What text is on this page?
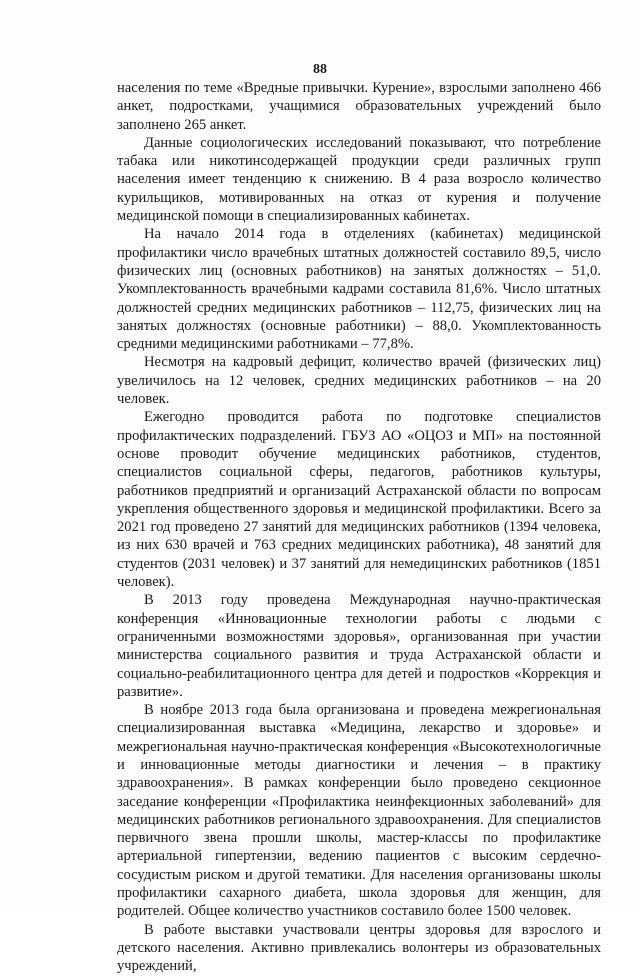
88

населения по теме «Вредные привычки. Курение», взрослыми заполнено 466 анкет, подростками, учащимися образовательных учреждений было заполнено 265 анкет.

Данные социологических исследований показывают, что потребление табака или никотинсодержащей продукции среди различных групп населения имеет тенденцию к снижению. В 4 раза возросло количество курильщиков, мотивированных на отказ от курения и получение медицинской помощи в специализированных кабинетах.

На начало 2014 года в отделениях (кабинетах) медицинской профилактики число врачебных штатных должностей составило 89,5, число физических лиц (основных работников) на занятых должностях – 51,0. Укомплектованность врачебными кадрами составила 81,6%. Число штатных должностей средних медицинских работников – 112,75, физических лиц на занятых должностях (основные работники) – 88,0. Укомплектованность средними медицинскими работниками – 77,8%.

Несмотря на кадровый дефицит, количество врачей (физических лиц) увеличилось на 12 человек, средних медицинских работников – на 20 человек.

Ежегодно проводится работа по подготовке специалистов профилактических подразделений. ГБУЗ АО «ОЦОЗ и МП» на постоянной основе проводит обучение медицинских работников, студентов, специалистов социальной сферы, педагогов, работников культуры, работников предприятий и организаций Астраханской области по вопросам укрепления общественного здоровья и медицинской профилактики. Всего за 2021 год проведено 27 занятий для медицинских работников (1394 человека, из них 630 врачей и 763 средних медицинских работника), 48 занятий для студентов (2031 человек) и 37 занятий для немедицинских работников (1851 человек).

В 2013 году проведена Международная научно-практическая конференция «Инновационные технологии работы с людьми с ограниченными возможностями здоровья», организованная при участии министерства социального развития и труда Астраханской области и социально-реабилитационного центра для детей и подростков «Коррекция и развитие».

В ноябре 2013 года была организована и проведена межрегиональная специализированная выставка «Медицина, лекарство и здоровье» и межрегиональная научно-практическая конференция «Высокотехнологичные и инновационные методы диагностики и лечения – в практику здравоохранения». В рамках конференции было проведено секционное заседание конференции «Профилактика неинфекционных заболеваний» для медицинских работников регионального здравоохранения. Для специалистов первичного звена прошли школы, мастер-классы по профилактике артериальной гипертензии, ведению пациентов с высоким сердечно-сосудистым риском и другой тематики. Для населения организованы школы профилактики сахарного диабета, школа здоровья для женщин, для родителей. Общее количество участников составило более 1500 человек.

В работе выставки участвовали центры здоровья для взрослого и детского населения. Активно привлекались волонтеры из образовательных учреждений,
